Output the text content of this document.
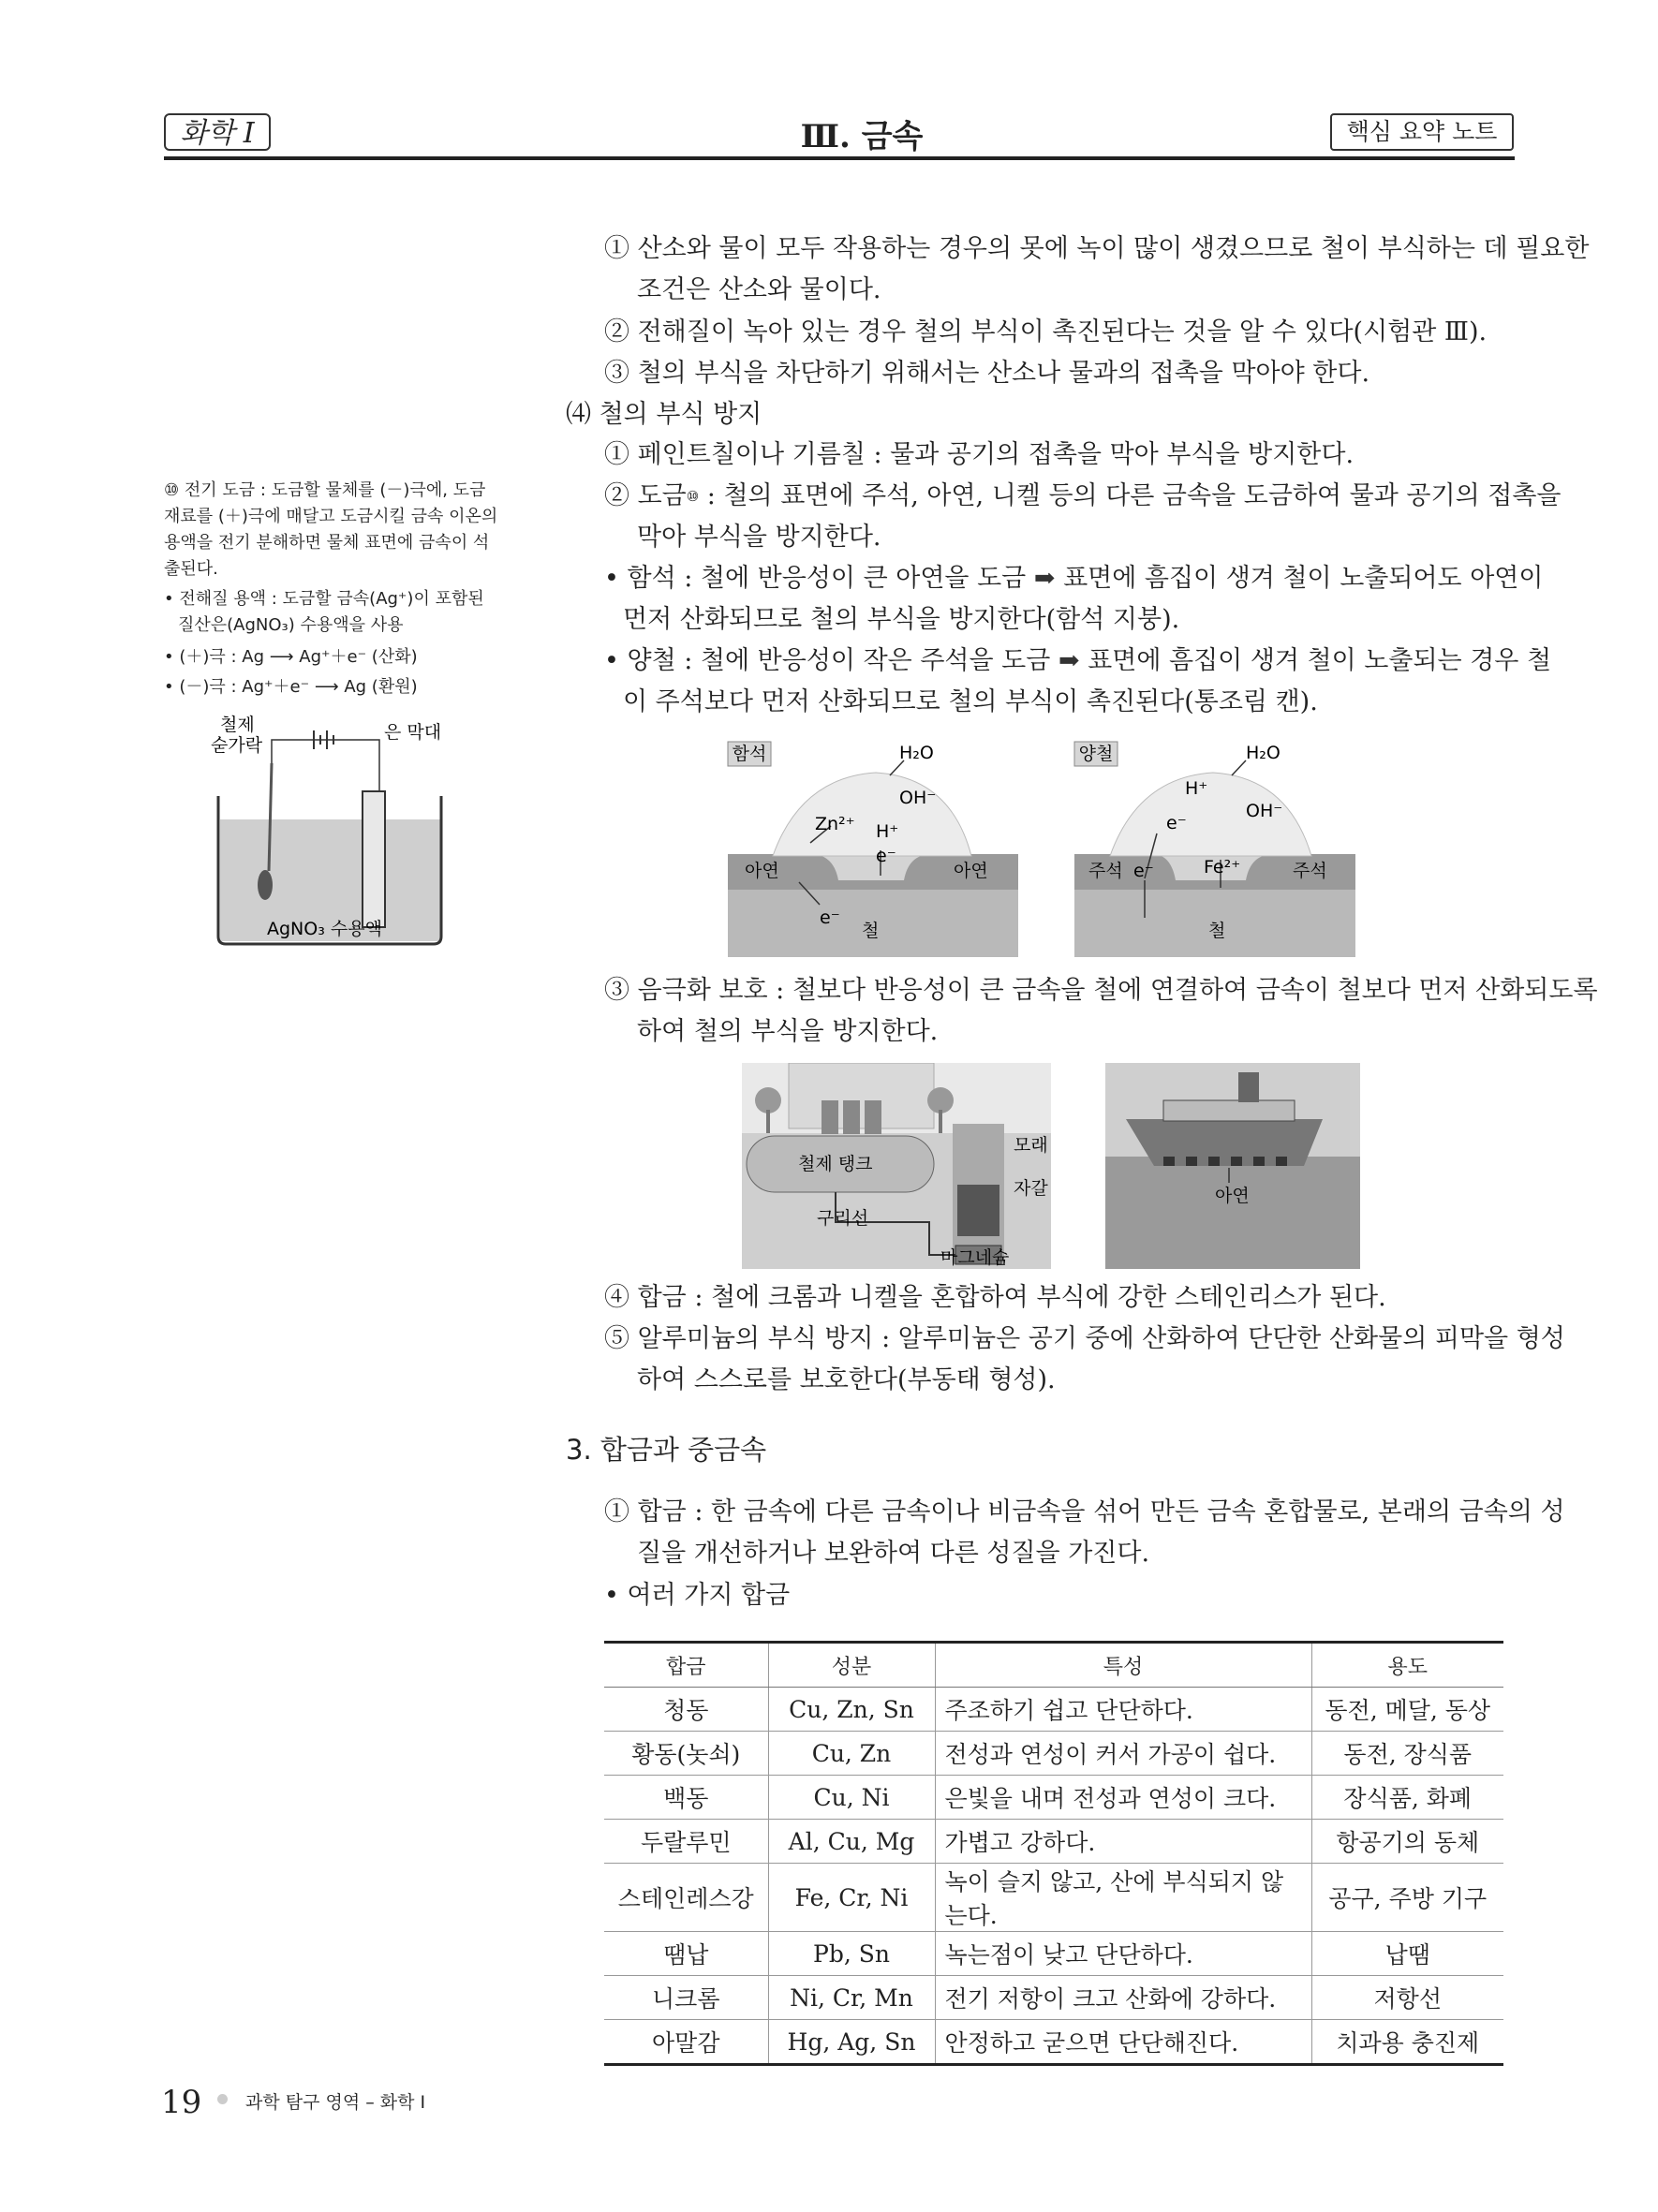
화학 I	Ⅲ. 금속	핵심 요약 노트
① 산소와 물이 모두 작용하는 경우의 못에 녹이 많이 생겼으므로 철이 부식하는 데 필요한
조건은 산소와 물이다.
② 전해질이 녹아 있는 경우 철의 부식이 촉진된다는 것을 알 수 있다(시험관 Ⅲ).
③ 철의 부식을 차단하기 위해서는 산소나 물과의 접촉을 막아야 한다.
⑷ 철의 부식 방지
① 페인트칠이나 기름칠 : 물과 공기의 접촉을 막아 부식을 방지한다.
② 도금⑩ : 철의 표면에 주석, 아연, 니켈 등의 다른 금속을 도금하여 물과 공기의 접촉을
막아 부식을 방지한다.
• 함석 : 철에 반응성이 큰 아연을 도금 ➡ 표면에 흠집이 생겨 철이 노출되어도 아연이
먼저 산화되므로 철의 부식을 방지한다(함석 지붕).
• 양철 : 철에 반응성이 작은 주석을 도금 ➡ 표면에 흠집이 생겨 철이 노출되는 경우 철
이 주석보다 먼저 산화되므로 철의 부식이 촉진된다(통조림 캔).
함석	H₂O
OH⁻
Zn²⁺ H⁺
e⁻
아연	아연
e⁻
철
양철	H₂O
H⁺
OH⁻
e⁻
주석 e⁻	Fe²⁺	주석
철
③ 음극화 보호 : 철보다 반응성이 큰 금속을 철에 연결하여 금속이 철보다 먼저 산화되도록
하여 철의 부식을 방지한다.
철제 탱크
모래
자갈
구리선
마그네슘
아연
④ 합금 : 철에 크롬과 니켈을 혼합하여 부식에 강한 스테인리스가 된다.
⑤ 알루미늄의 부식 방지 : 알루미늄은 공기 중에 산화하여 단단한 산화물의 피막을 형성
하여 스스로를 보호한다(부동태 형성).
3. 합금과 중금속
① 합금 : 한 금속에 다른 금속이나 비금속을 섞어 만든 금속 혼합물로, 본래의 금속의 성
질을 개선하거나 보완하여 다른 성질을 가진다.
• 여러 가지 합금
합금	성분	특성	용도
청동	Cu, Zn, Sn	주조하기 쉽고 단단하다.	동전, 메달, 동상
황동(놋쇠)	Cu, Zn	전성과 연성이 커서 가공이 쉽다.	동전, 장식품
백동	Cu, Ni	은빛을 내며 전성과 연성이 크다.	장식품, 화폐
두랄루민	Al, Cu, Mg	가볍고 강하다.	항공기의 동체
스테인레스강	Fe, Cr, Ni	녹이 슬지 않고, 산에 부식되지 않는다.	공구, 주방 기구
땜납	Pb, Sn	녹는점이 낮고 단단하다.	납땜
니크롬	Ni, Cr, Mn	전기 저항이 크고 산화에 강하다.	저항선
아말감	Hg, Ag, Sn	안정하고 굳으면 단단해진다.	치과용 충진제
⑩ 전기 도금 : 도금할 물체를 (－)극에, 도금
재료를 (＋)극에 매달고 도금시킬 금속 이온의
용액을 전기 분해하면 물체 표면에 금속이 석
출된다.
• 전해질 용액 : 도금할 금속(Ag⁺)이 포함된
질산은(AgNO₃) 수용액을 사용
• (＋)극 : Ag ⟶ Ag⁺＋e⁻ (산화)
• (－)극 : Ag⁺＋e⁻ ⟶ Ag (환원)
철제
숟가락
은 막대
AgNO₃ 수용액
19 과학 탐구 영역 – 화학 Ⅰ
